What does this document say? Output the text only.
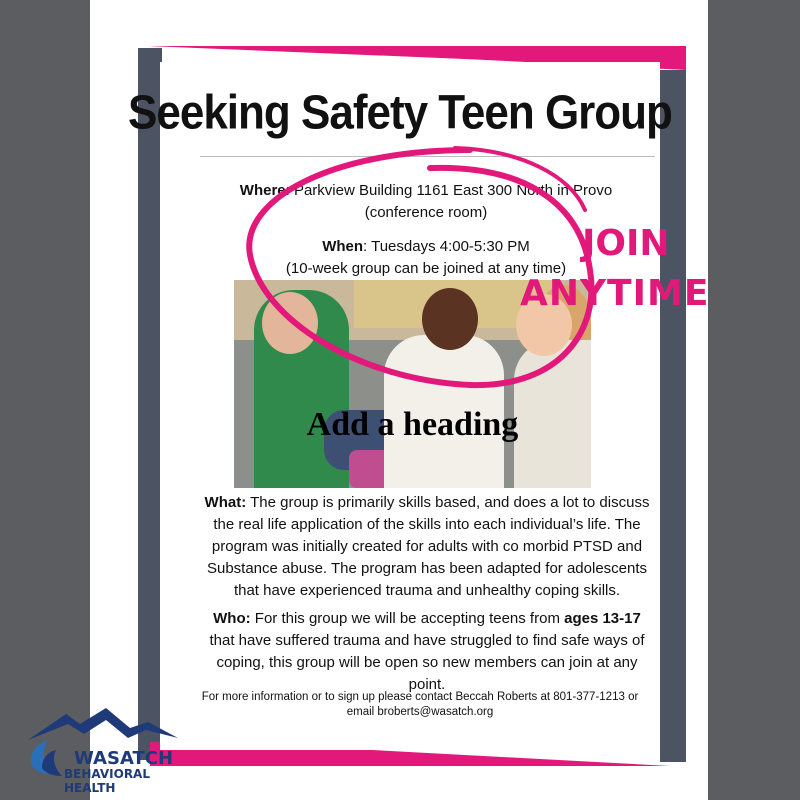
Seeking Safety Teen Group
Where: Parkview Building 1161 East 300 North in Provo
(conference room)
When: Tuesdays 4:00-5:30 PM
(10-week group can be joined at any time)
Add a heading
What: The group is primarily skills based, and does a lot to discuss the real life application of the skills into each individual’s life. The program was initially created for adults with co morbid PTSD and Substance abuse. The program has been adapted for adolescents that have experienced trauma and unhealthy coping skills.
Who: For this group we will be accepting teens from ages 13-17 that have suffered trauma and have struggled to find safe ways of coping, this group will be open so new members can join at any point.
For more information or to sign up please contact Beccah Roberts at 801-377-1213 or
email broberts@wasatch.org
JOIN
ANYTIME
WASATCH
BEHAVIORAL HEALTH
